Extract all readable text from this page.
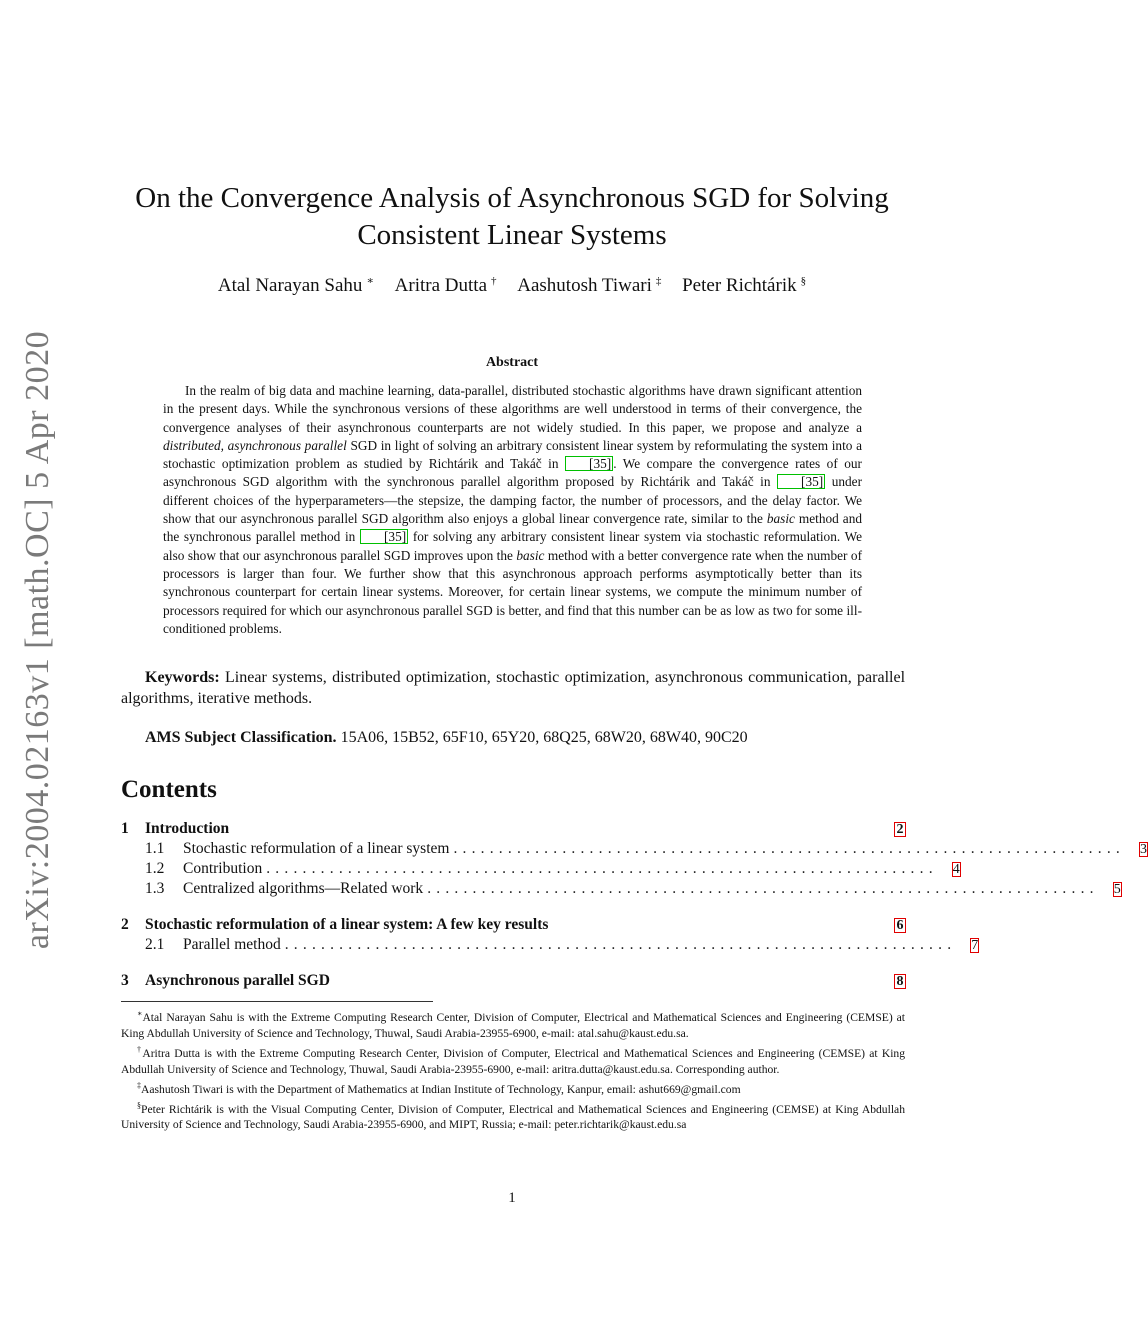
arXiv:2004.02163v1 [math.OC] 5 Apr 2020
On the Convergence Analysis of Asynchronous SGD for Solving Consistent Linear Systems
Atal Narayan Sahu ∗ Aritra Dutta † Aashutosh Tiwari ‡ Peter Richtárik §
Abstract

In the realm of big data and machine learning, data-parallel, distributed stochastic algorithms have drawn significant attention in the present days. While the synchronous versions of these algorithms are well understood in terms of their convergence, the convergence analyses of their asynchronous counterparts are not widely studied. In this paper, we propose and analyze a distributed, asynchronous parallel SGD in light of solving an arbitrary consistent linear system by reformulating the system into a stochastic optimization problem as studied by Richtárik and Takáč in [35] . We compare the convergence rates of our asynchronous SGD algorithm with the synchronous parallel algorithm proposed by Richtárik and Takáč in [35] under different choices of the hyperparameters—the stepsize, the damping factor, the number of processors, and the delay factor. We show that our asynchronous parallel SGD algorithm also enjoys a global linear convergence rate, similar to the basic method and the synchronous parallel method in [35] for solving any arbitrary consistent linear system via stochastic reformulation. We also show that our asynchronous parallel SGD improves upon the basic method with a better convergence rate when the number of processors is larger than four. We further show that this asynchronous approach performs asymptotically better than its synchronous counterpart for certain linear systems. Moreover, for certain linear systems, we compute the minimum number of processors required for which our asynchronous parallel SGD is better, and find that this number can be as low as two for some ill-conditioned problems.

Keywords: Linear systems, distributed optimization, stochastic optimization, asynchronous communication, parallel algorithms, iterative methods.

AMS Subject Classification. 15A06, 15B52, 65F10, 65Y20, 68Q25, 68W20, 68W40, 90C20

Contents
1	Introduction	2
1.1	Stochastic reformulation of a linear system .......................................................................... 3
1.2	Contribution .......................................................................... 4
1.3	Centralized algorithms—Related work .......................................................................... 5
2	Stochastic reformulation of a linear system: A few key results	6
2.1	Parallel method .......................................................................... 7
3	Asynchronous parallel SGD	8

∗Atal Narayan Sahu is with the Extreme Computing Research Center, Division of Computer, Electrical and Mathematical Sciences and Engineering (CEMSE) at King Abdullah University of Science and Technology, Thuwal, Saudi Arabia-23955-6900, e-mail: atal.sahu@kaust.edu.sa.

†Aritra Dutta is with the Extreme Computing Research Center, Division of Computer, Electrical and Mathematical Sciences and Engineering (CEMSE) at King Abdullah University of Science and Technology, Thuwal, Saudi Arabia-23955-6900, e-mail: aritra.dutta@kaust.edu.sa. Corresponding author.

‡Aashutosh Tiwari is with the Department of Mathematics at Indian Institute of Technology, Kanpur, email: ashut669@gmail.com

§Peter Richtárik is with the Visual Computing Center, Division of Computer, Electrical and Mathematical Sciences and Engineering (CEMSE) at King Abdullah University of Science and Technology, Saudi Arabia-23955-6900, and MIPT, Russia; e-mail: peter.richtarik@kaust.edu.sa

1
